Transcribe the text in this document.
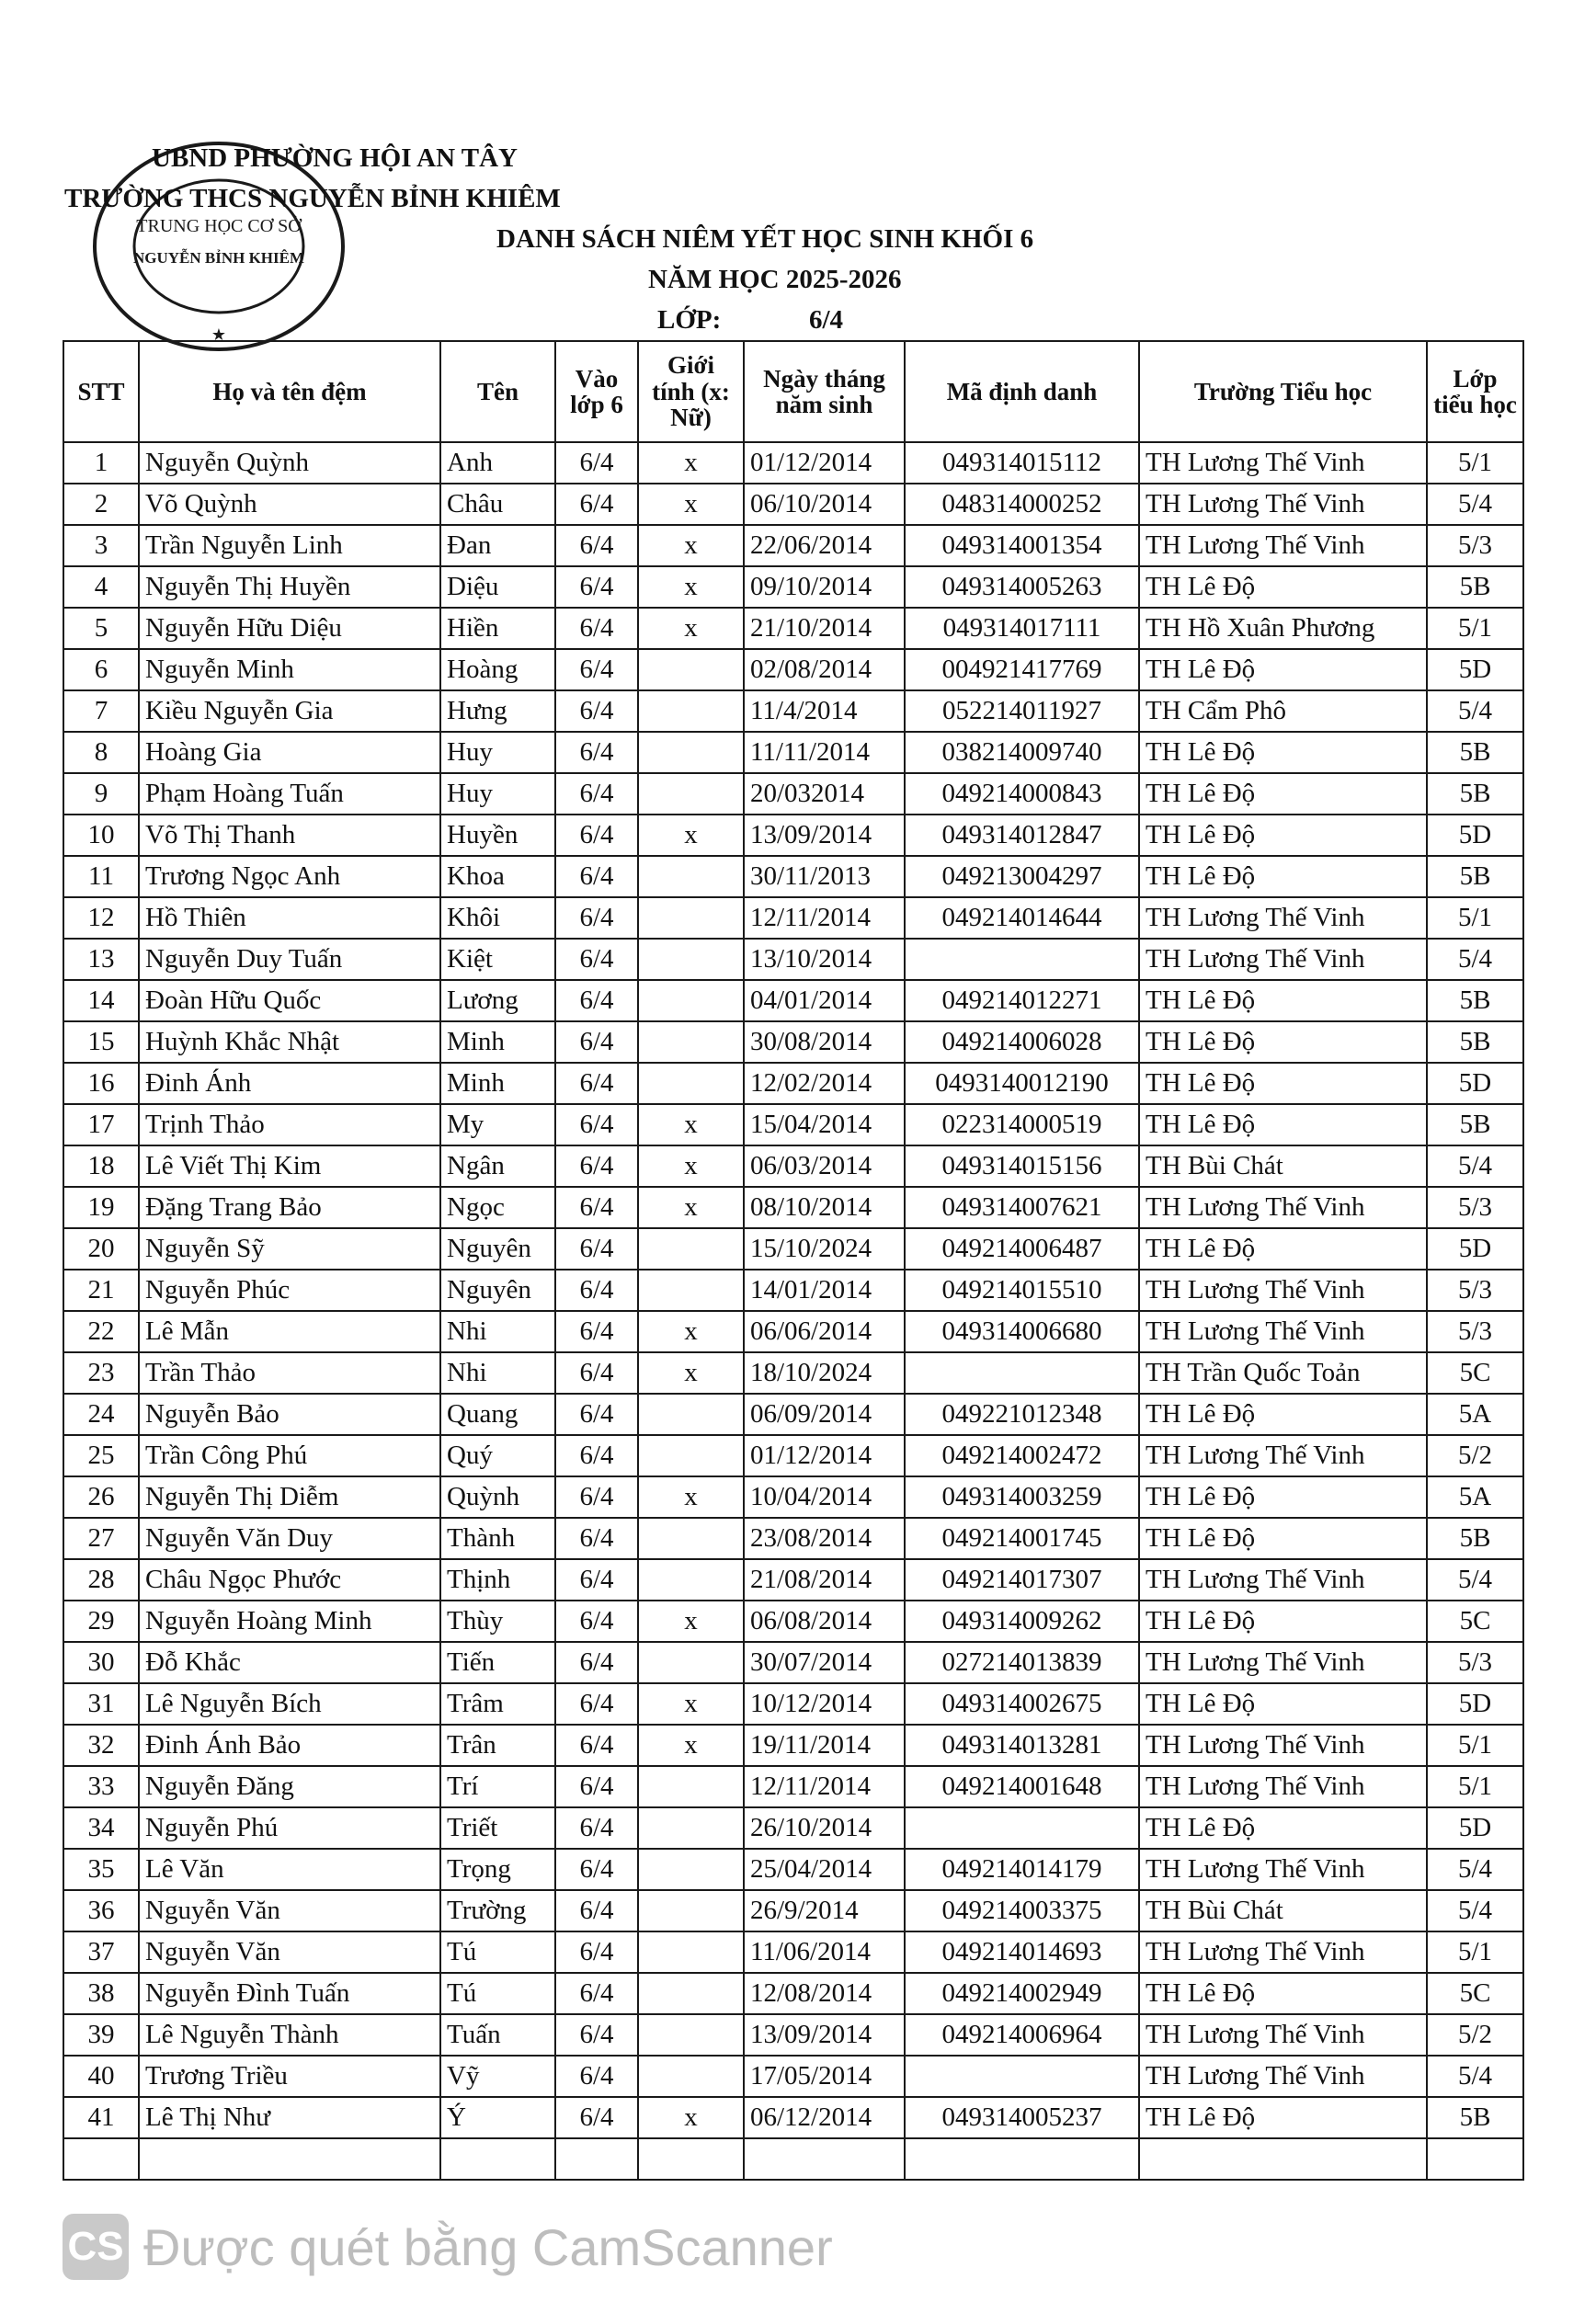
TRUNG HỌC CƠ SỞ
NGUYỄN BỈNH KHIÊM
★
UBND PHƯỜNG HỘI AN TÂY
TRƯỜNG THCS NGUYỄN BỈNH KHIÊM
DANH SÁCH NIÊM YẾT HỌC SINH KHỐI 6
NĂM HỌC 2025-2026
LỚP:	6/4
STT	Họ và tên đệm	Tên	Vào lớp 6	Giới tính (x: Nữ)	Ngày tháng năm sinh	Mã định danh	Trường Tiểu học	Lớp tiểu học
1	Nguyễn Quỳnh	Anh	6/4	x	01/12/2014	049314015112	TH Lương Thế Vinh	5/1
2	Võ Quỳnh	Châu	6/4	x	06/10/2014	048314000252	TH Lương Thế Vinh	5/4
3	Trần Nguyễn Linh	Đan	6/4	x	22/06/2014	049314001354	TH Lương Thế Vinh	5/3
4	Nguyễn Thị Huyền	Diệu	6/4	x	09/10/2014	049314005263	TH Lê Độ	5B
5	Nguyễn Hữu Diệu	Hiền	6/4	x	21/10/2014	049314017111	TH Hồ Xuân Phương	5/1
6	Nguyễn Minh	Hoàng	6/4		02/08/2014	004921417769	TH Lê Độ	5D
7	Kiều Nguyễn Gia	Hưng	6/4		11/4/2014	052214011927	TH Cẩm Phô	5/4
8	Hoàng Gia	Huy	6/4		11/11/2014	038214009740	TH Lê Độ	5B
9	Phạm Hoàng Tuấn	Huy	6/4		20/032014	049214000843	TH Lê Độ	5B
10	Võ Thị Thanh	Huyền	6/4	x	13/09/2014	049314012847	TH Lê Độ	5D
11	Trương Ngọc Anh	Khoa	6/4		30/11/2013	049213004297	TH Lê Độ	5B
12	Hồ Thiên	Khôi	6/4		12/11/2014	049214014644	TH Lương Thế Vinh	5/1
13	Nguyễn Duy Tuấn	Kiệt	6/4		13/10/2014		TH Lương Thế Vinh	5/4
14	Đoàn Hữu Quốc	Lương	6/4		04/01/2014	049214012271	TH Lê Độ	5B
15	Huỳnh Khắc Nhật	Minh	6/4		30/08/2014	049214006028	TH Lê Độ	5B
16	Đinh Ánh	Minh	6/4		12/02/2014	0493140012190	TH Lê Độ	5D
17	Trịnh Thảo	My	6/4	x	15/04/2014	022314000519	TH Lê Độ	5B
18	Lê Viết Thị Kim	Ngân	6/4	x	06/03/2014	049314015156	TH Bùi Chát	5/4
19	Đặng Trang Bảo	Ngọc	6/4	x	08/10/2014	049314007621	TH Lương Thế Vinh	5/3
20	Nguyễn Sỹ	Nguyên	6/4		15/10/2024	049214006487	TH Lê Độ	5D
21	Nguyễn Phúc	Nguyên	6/4		14/01/2014	049214015510	TH Lương Thế Vinh	5/3
22	Lê Mẫn	Nhi	6/4	x	06/06/2014	049314006680	TH Lương Thế Vinh	5/3
23	Trần Thảo	Nhi	6/4	x	18/10/2024		TH Trần Quốc Toản	5C
24	Nguyễn Bảo	Quang	6/4		06/09/2014	049221012348	TH Lê Độ	5A
25	Trần Công Phú	Quý	6/4		01/12/2014	049214002472	TH Lương Thế Vinh	5/2
26	Nguyễn Thị Diễm	Quỳnh	6/4	x	10/04/2014	049314003259	TH Lê Độ	5A
27	Nguyễn Văn Duy	Thành	6/4		23/08/2014	049214001745	TH Lê Độ	5B
28	Châu Ngọc Phước	Thịnh	6/4		21/08/2014	049214017307	TH Lương Thế Vinh	5/4
29	Nguyễn Hoàng Minh	Thùy	6/4	x	06/08/2014	049314009262	TH Lê Độ	5C
30	Đỗ Khắc	Tiến	6/4		30/07/2014	027214013839	TH Lương Thế Vinh	5/3
31	Lê Nguyễn Bích	Trâm	6/4	x	10/12/2014	049314002675	TH Lê Độ	5D
32	Đinh Ánh Bảo	Trân	6/4	x	19/11/2014	049314013281	TH Lương Thế Vinh	5/1
33	Nguyễn Đăng	Trí	6/4		12/11/2014	049214001648	TH Lương Thế Vinh	5/1
34	Nguyễn Phú	Triết	6/4		26/10/2014		TH Lê Độ	5D
35	Lê Văn	Trọng	6/4		25/04/2014	049214014179	TH Lương Thế Vinh	5/4
36	Nguyễn Văn	Trường	6/4		26/9/2014	049214003375	TH Bùi Chát	5/4
37	Nguyễn Văn	Tú	6/4		11/06/2014	049214014693	TH Lương Thế Vinh	5/1
38	Nguyễn Đình Tuấn	Tú	6/4		12/08/2014	049214002949	TH Lê Độ	5C
39	Lê Nguyễn Thành	Tuấn	6/4		13/09/2014	049214006964	TH Lương Thế Vinh	5/2
40	Trương Triều	Vỹ	6/4		17/05/2014		TH Lương Thế Vinh	5/4
41	Lê Thị Như	Ý	6/4	x	06/12/2014	049314005237	TH Lê Độ	5B

CS Được quét bằng CamScanner
